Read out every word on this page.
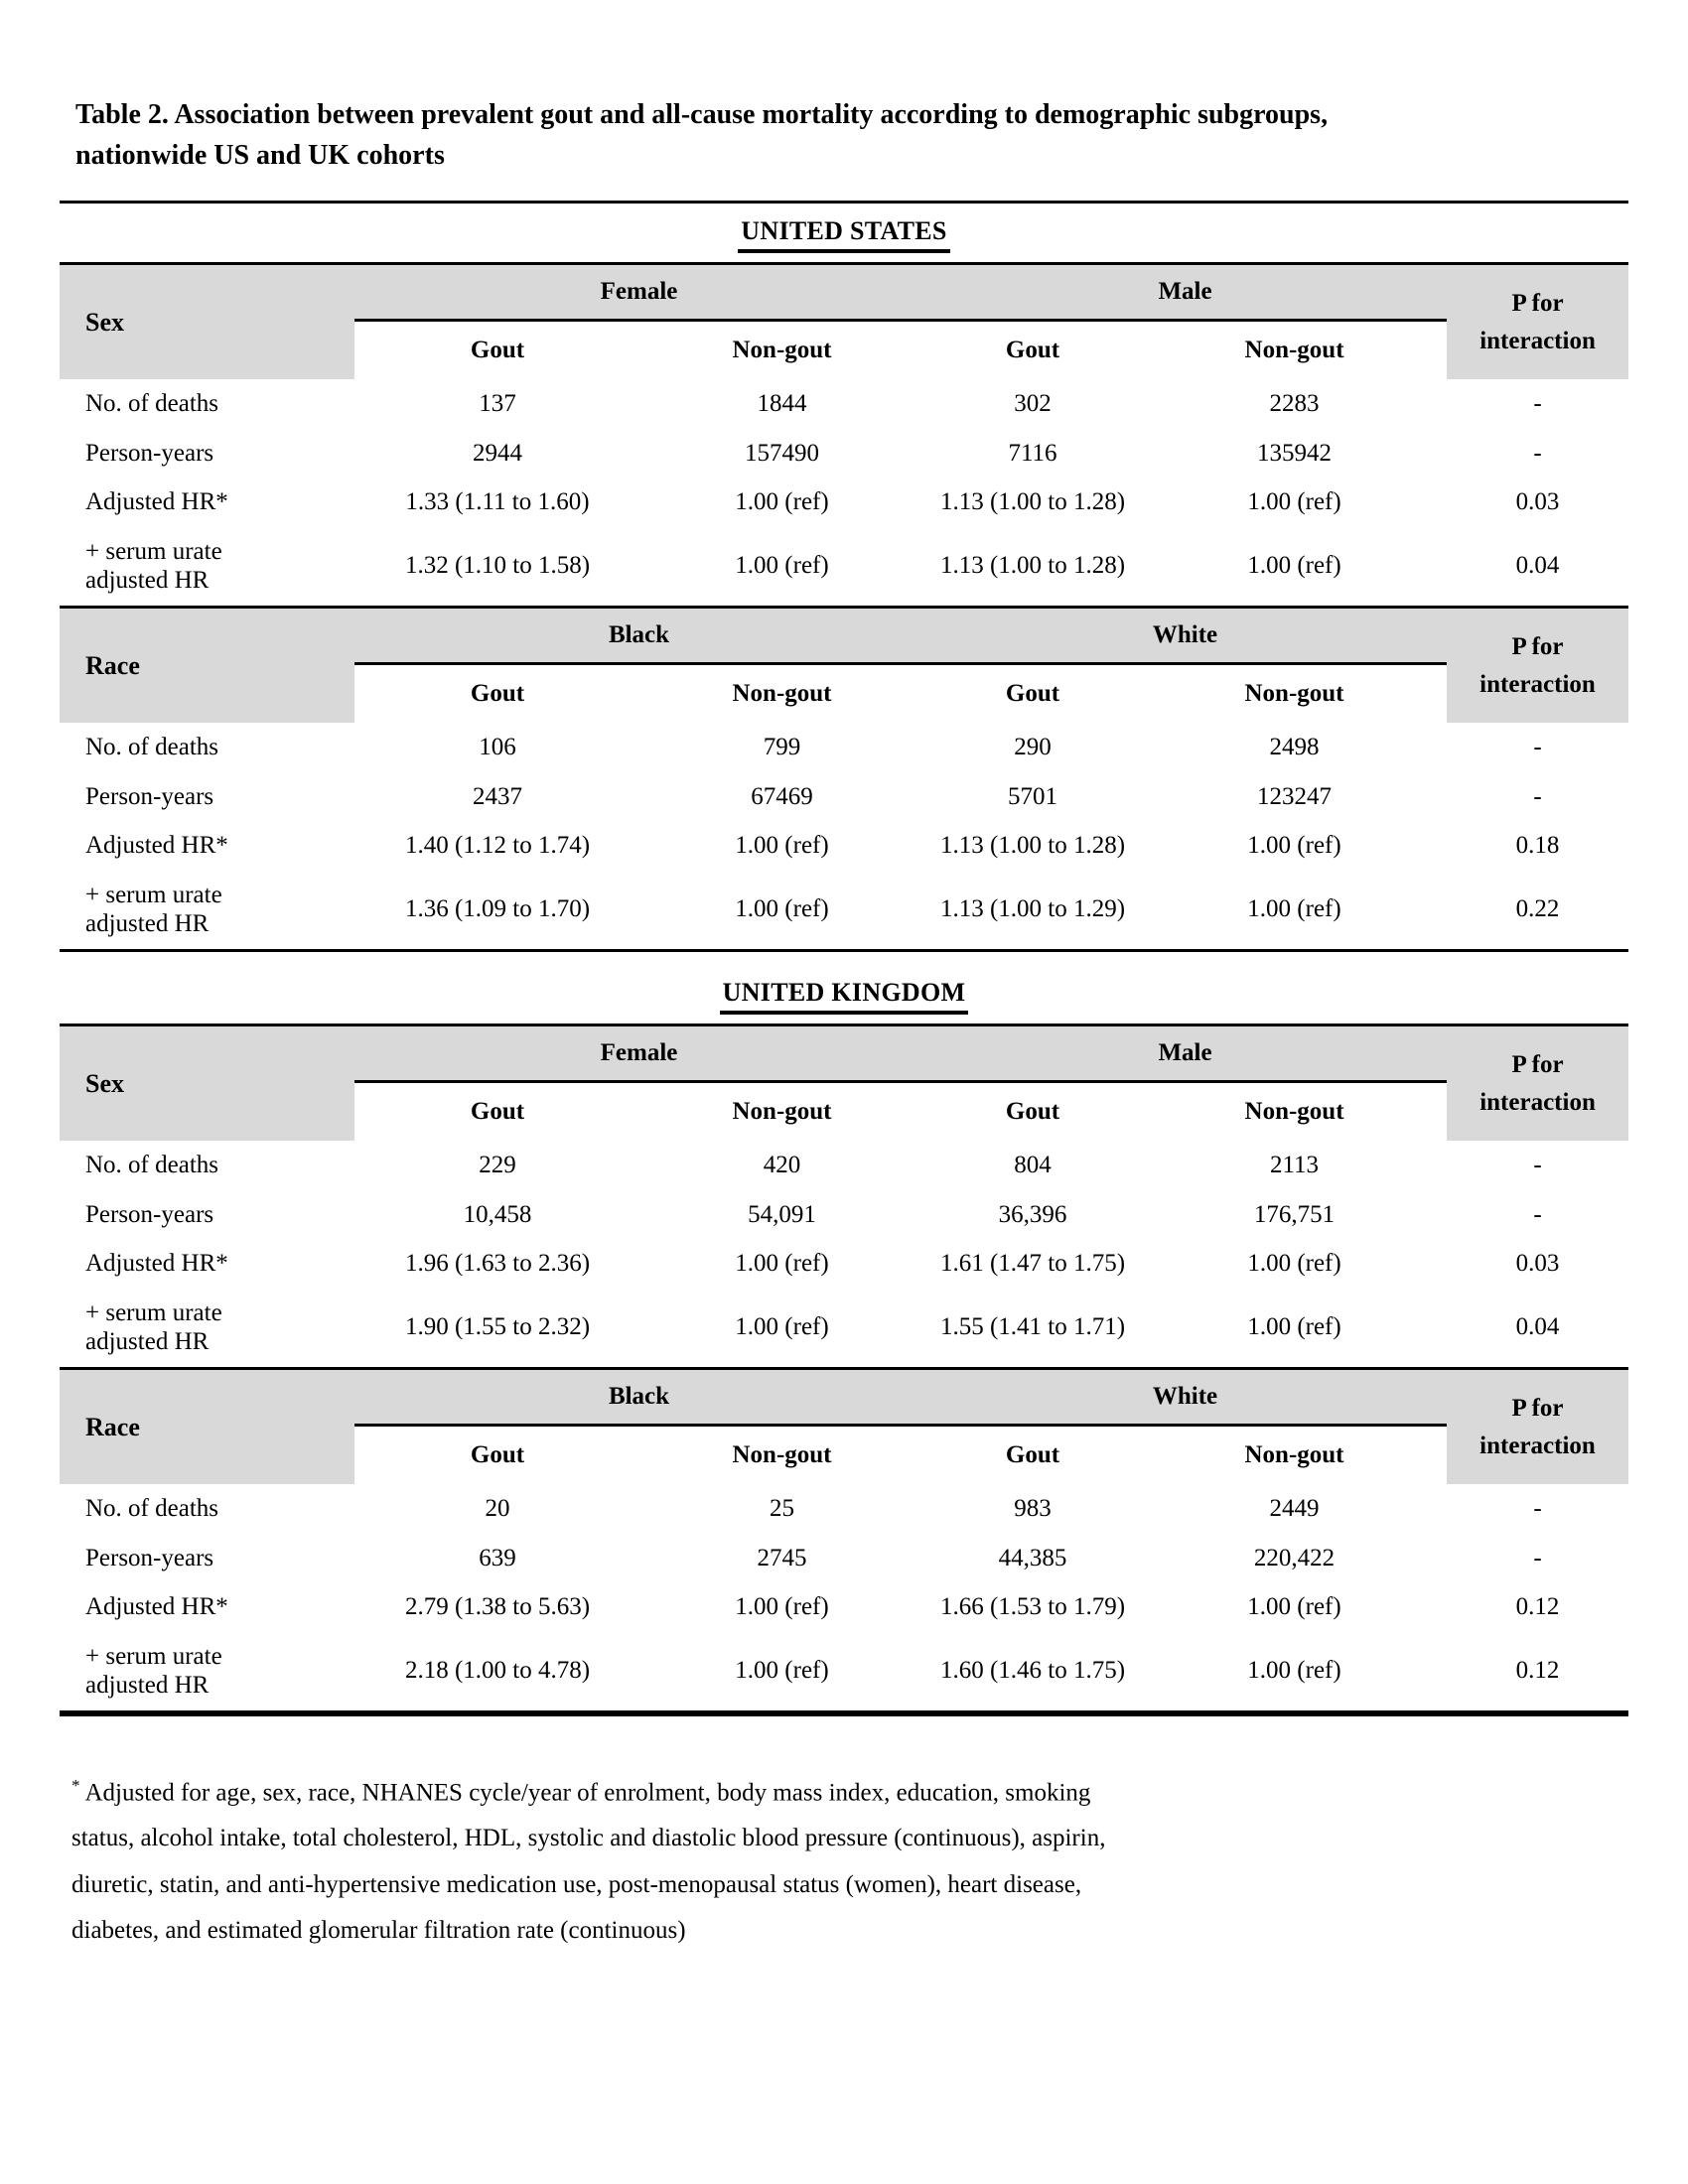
Table 2. Association between prevalent gout and all-cause mortality according to demographic subgroups,
nationwide US and UK cohorts
UNITED STATES
Sex	Female		Male		P for interaction
	Gout	Non-gout	Gout	Non-gout	
No. of deaths	137	1844	302	2283	-
Person-years	2944	157490	7116	135942	-
Adjusted HR*	1.33 (1.11 to 1.60)	1.00 (ref)	1.13 (1.00 to 1.28)	1.00 (ref)	0.03
+ serum urate
adjusted HR	1.32 (1.10 to 1.58)	1.00 (ref)	1.13 (1.00 to 1.28)	1.00 (ref)	0.04
Race	Black		White		P for interaction
	Gout	Non-gout	Gout	Non-gout	
No. of deaths	106	799	290	2498	-
Person-years	2437	67469	5701	123247	-
Adjusted HR*	1.40 (1.12 to 1.74)	1.00 (ref)	1.13 (1.00 to 1.28)	1.00 (ref)	0.18
+ serum urate
adjusted HR	1.36 (1.09 to 1.70)	1.00 (ref)	1.13 (1.00 to 1.29)	1.00 (ref)	0.22
UNITED KINGDOM
Sex	Female		Male		P for interaction
	Gout	Non-gout	Gout	Non-gout	
No. of deaths	229	420	804	2113	-
Person-years	10,458	54,091	36,396	176,751	-
Adjusted HR*	1.96 (1.63 to 2.36)	1.00 (ref)	1.61 (1.47 to 1.75)	1.00 (ref)	0.03
+ serum urate
adjusted HR	1.90 (1.55 to 2.32)	1.00 (ref)	1.55 (1.41 to 1.71)	1.00 (ref)	0.04
Race	Black		White		P for interaction
	Gout	Non-gout	Gout	Non-gout	
No. of deaths	20	25	983	2449	-
Person-years	639	2745	44,385	220,422	-
Adjusted HR*	2.79 (1.38 to 5.63)	1.00 (ref)	1.66 (1.53 to 1.79)	1.00 (ref)	0.12
+ serum urate
adjusted HR	2.18 (1.00 to 4.78)	1.00 (ref)	1.60 (1.46 to 1.75)	1.00 (ref)	0.12

* Adjusted for age, sex, race, NHANES cycle/year of enrolment, body mass index, education, smoking status, alcohol intake, total cholesterol, HDL, systolic and diastolic blood pressure (continuous), aspirin, diuretic, statin, and anti-hypertensive medication use, post-menopausal status (women), heart disease, diabetes, and estimated glomerular filtration rate (continuous)
